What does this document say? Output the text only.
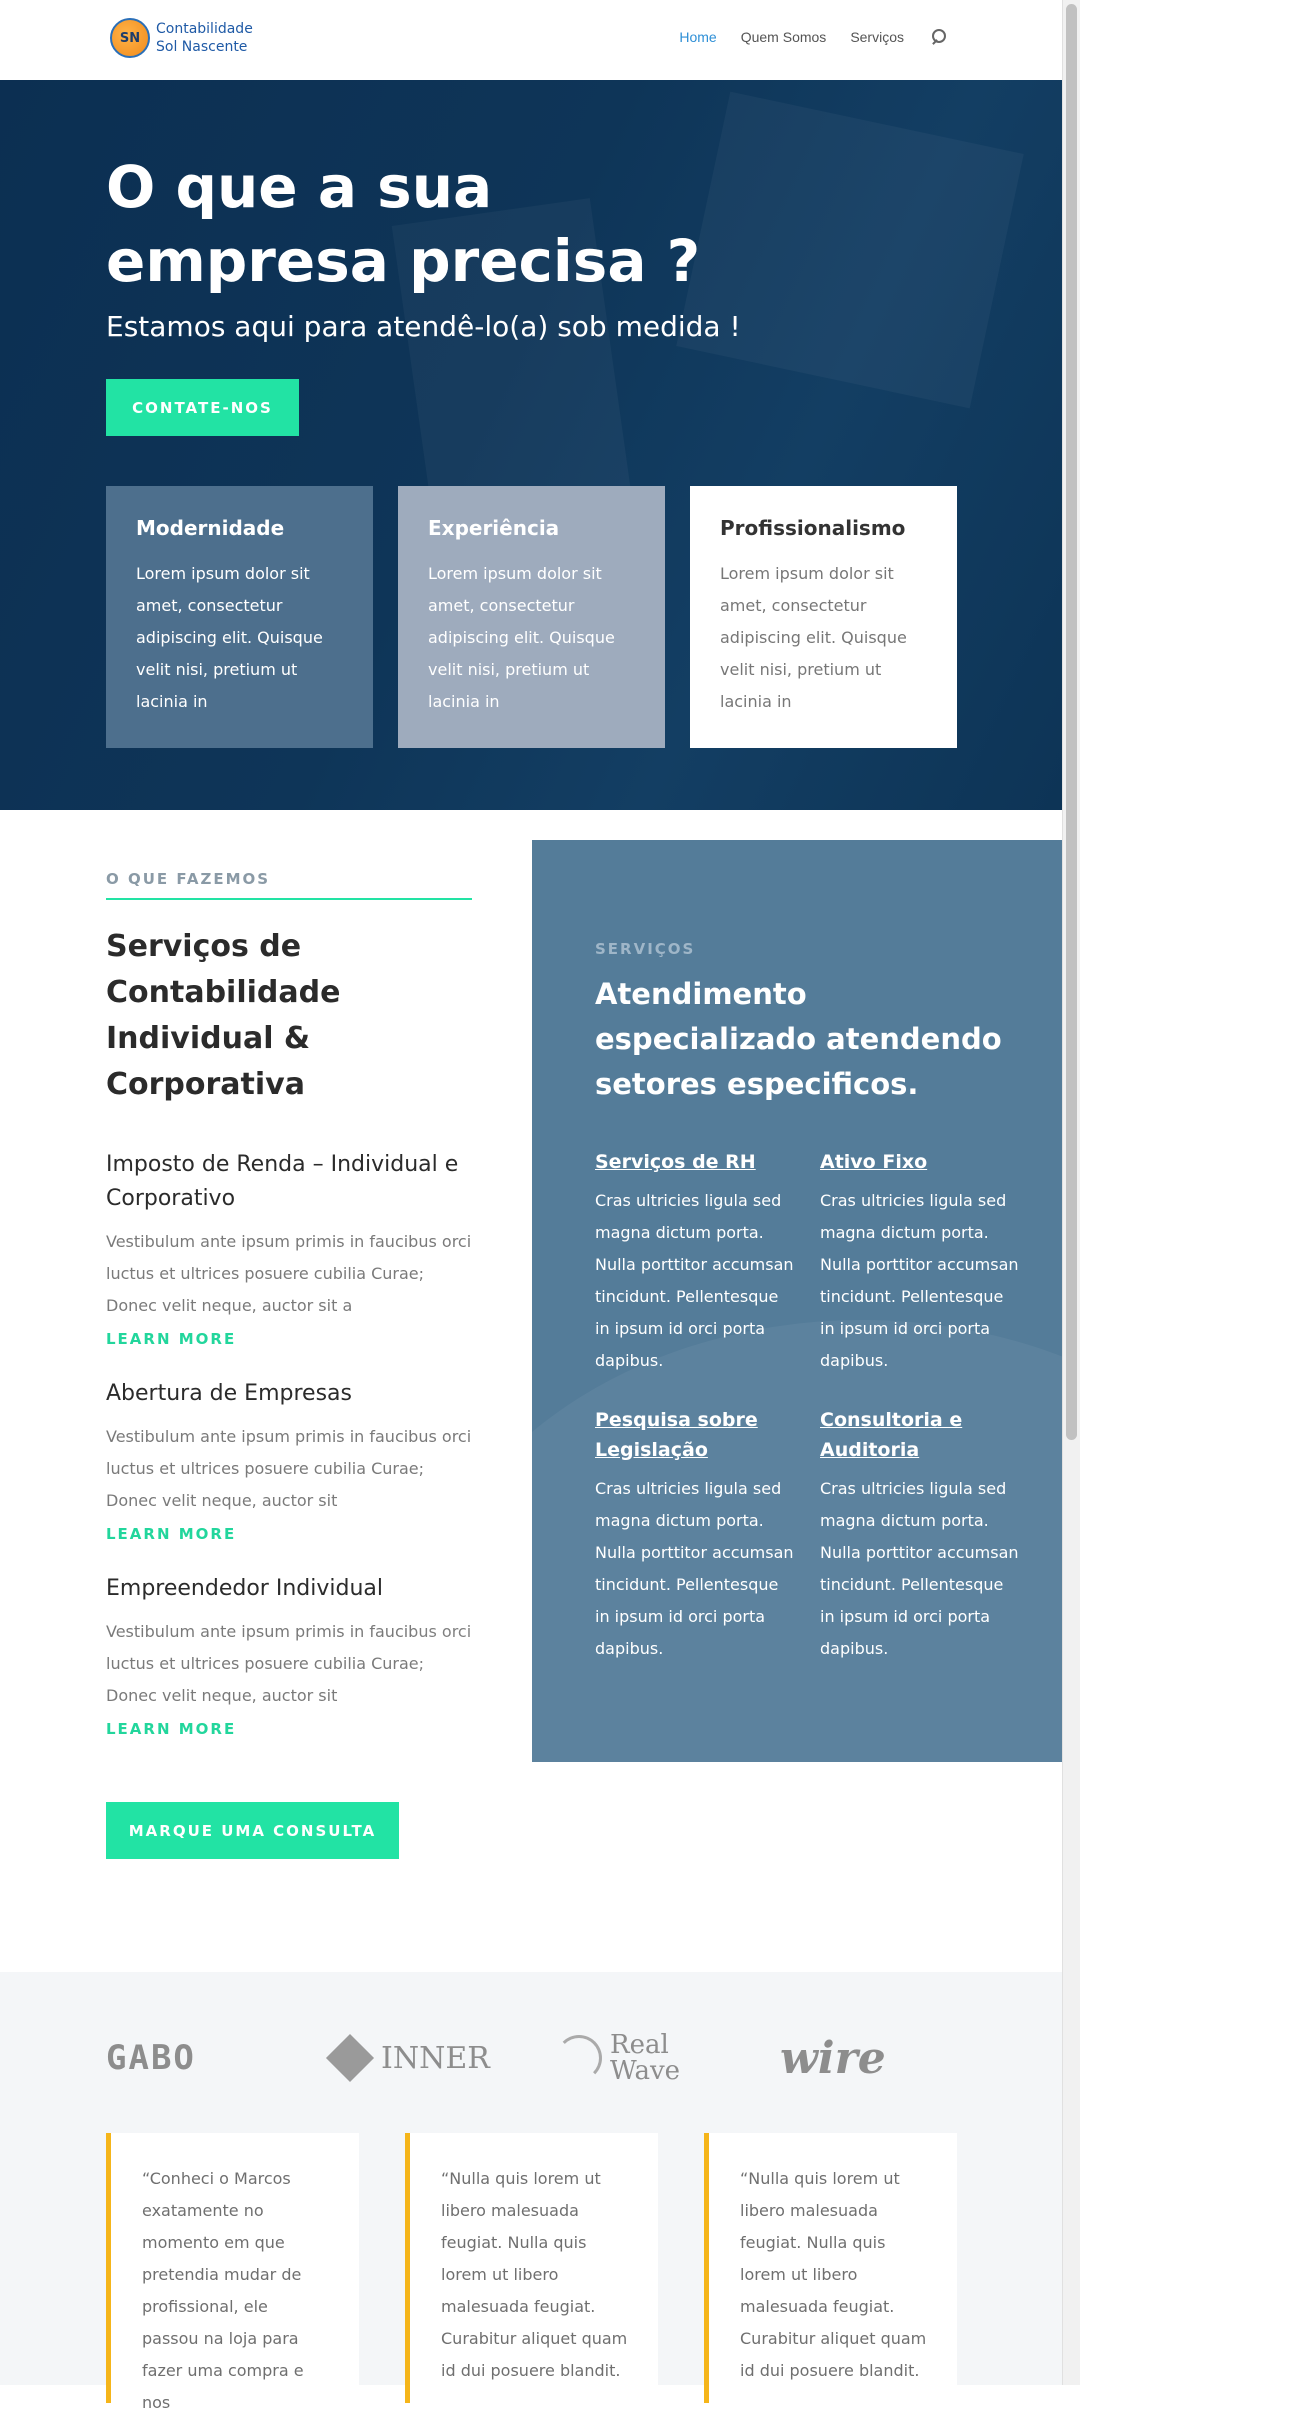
SN
Contabilidade
Sol Nascente
Home Quem Somos Serviços
O que a sua empresa precisa ?
Estamos aqui para atendê-lo(a) sob medida !
CONTATE-NOS
Modernidade

Lorem ipsum dolor sit amet, consectetur adipiscing elit. Quisque velit nisi, pretium ut lacinia in

Experiência

Lorem ipsum dolor sit amet, consectetur adipiscing elit. Quisque velit nisi, pretium ut lacinia in

Profissionalismo

Lorem ipsum dolor sit amet, consectetur adipiscing elit. Quisque velit nisi, pretium ut lacinia in

O QUE FAZEMOS
Serviços de Contabilidade Individual & Corporativa
Imposto de Renda – Individual e Corporativo

Vestibulum ante ipsum primis in faucibus orci luctus et ultrices posuere cubilia Curae; Donec velit neque, auctor sit a

LEARN MORE
Abertura de Empresas

Vestibulum ante ipsum primis in faucibus orci luctus et ultrices posuere cubilia Curae; Donec velit neque, auctor sit

LEARN MORE
Empreendedor Individual

Vestibulum ante ipsum primis in faucibus orci luctus et ultrices posuere cubilia Curae; Donec velit neque, auctor sit

LEARN MORE
MARQUE UMA CONSULTA
SERVIÇOS
Atendimento especializado atendendo setores especificos.
Serviços de RH

Cras ultricies ligula sed magna dictum porta. Nulla porttitor accumsan tincidunt. Pellentesque in ipsum id orci porta dapibus.

Ativo Fixo

Cras ultricies ligula sed magna dictum porta. Nulla porttitor accumsan tincidunt. Pellentesque in ipsum id orci porta dapibus.

Pesquisa sobre Legislação

Cras ultricies ligula sed magna dictum porta. Nulla porttitor accumsan tincidunt. Pellentesque in ipsum id orci porta dapibus.

Consultoria e Auditoria

Cras ultricies ligula sed magna dictum porta. Nulla porttitor accumsan tincidunt. Pellentesque in ipsum id orci porta dapibus.

GABO	INNER	Real Wave wire

“Conheci o Marcos exatamente no momento em que pretendia mudar de profissional, ele passou na loja para fazer uma compra e nos

“Nulla quis lorem ut libero malesuada feugiat. Nulla quis lorem ut libero malesuada feugiat. Curabitur aliquet quam id dui posuere blandit.

“Nulla quis lorem ut libero malesuada feugiat. Nulla quis lorem ut libero malesuada feugiat. Curabitur aliquet quam id dui posuere blandit.
